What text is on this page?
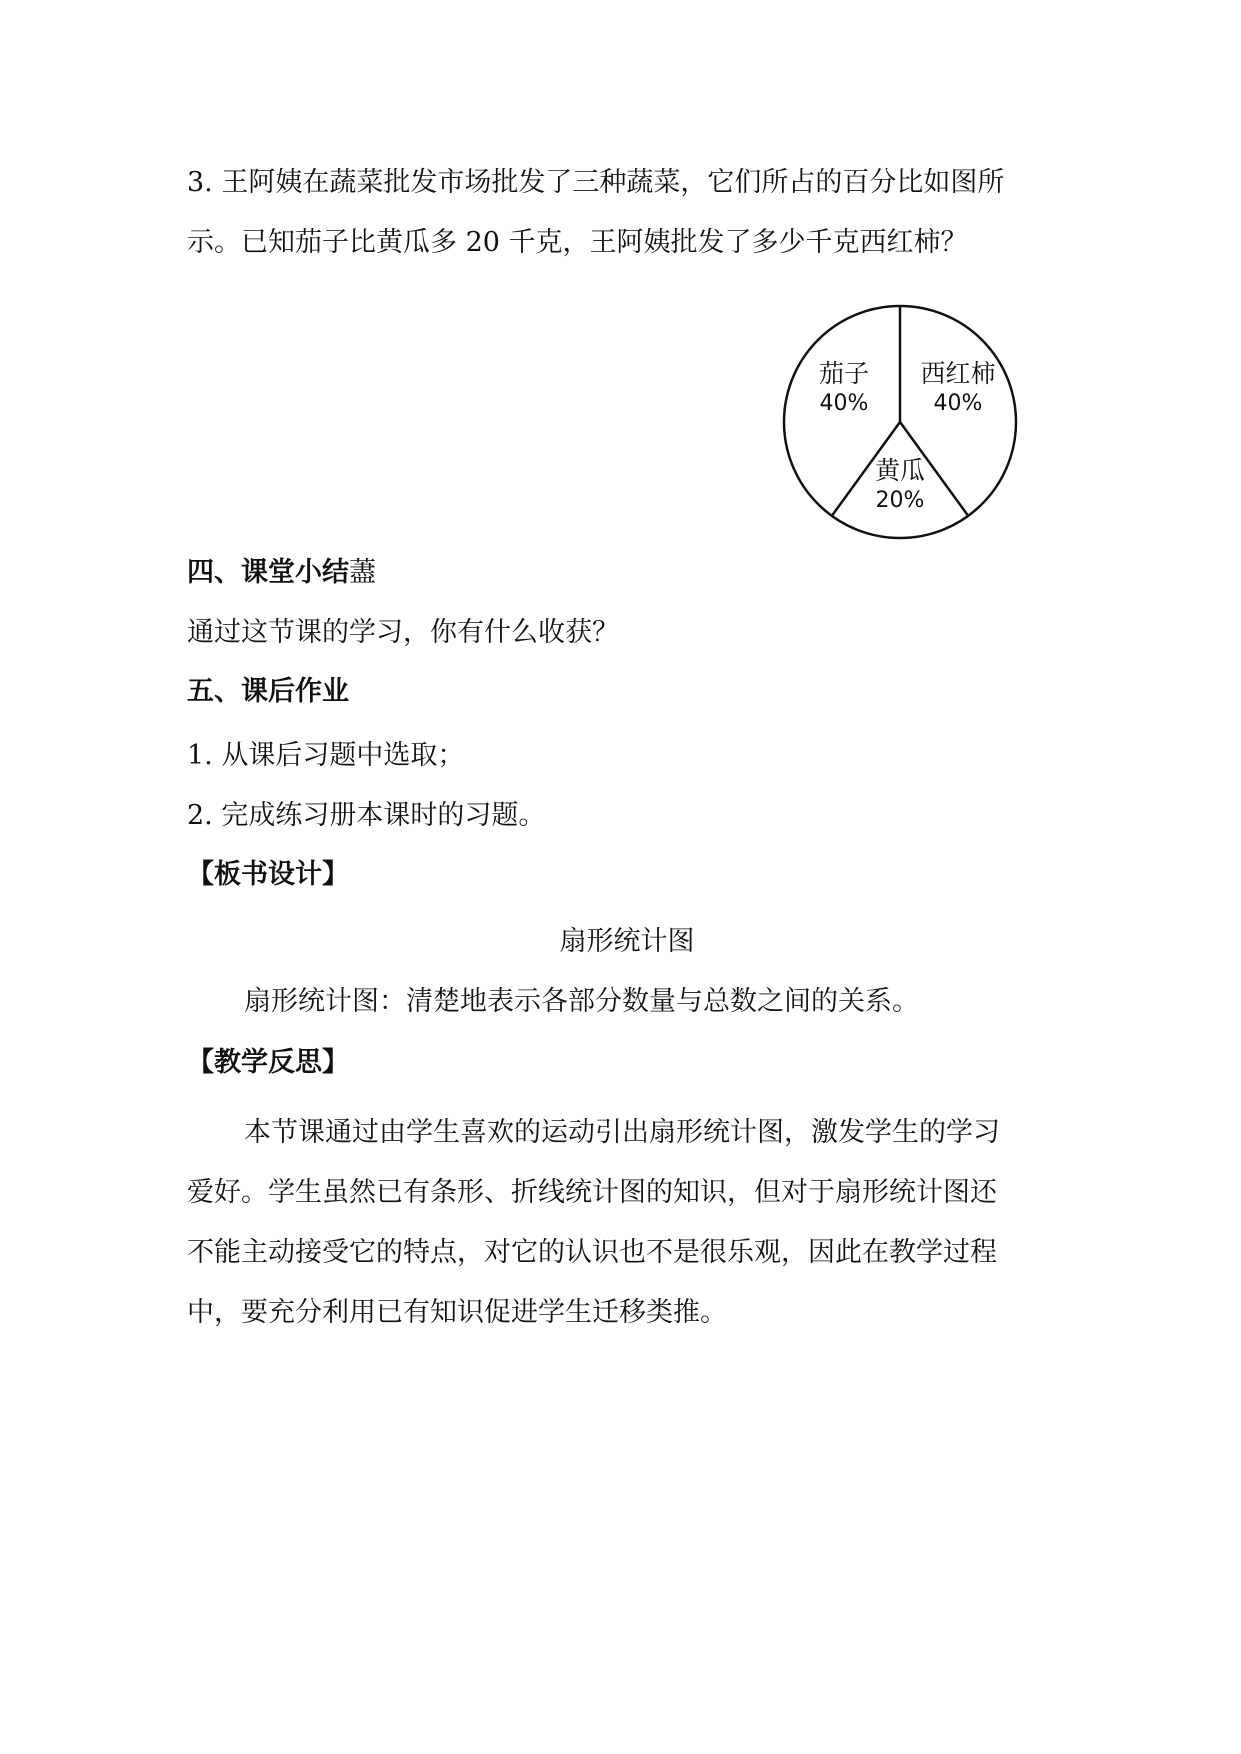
3. 王阿姨在蔬菜批发市场批发了三种蔬菜，它们所占的百分比如图所
示。已知茄子比黄瓜多 20 千克，王阿姨批发了多少千克西红柿？
茄子
40%
西红柿
40%
黄瓜
20%
四、课堂小结藎
通过这节课的学习，你有什么收获？
五、课后作业
1. 从课后习题中选取；
2. 完成练习册本课时的习题。
【板书设计】
扇形统计图
扇形统计图：清楚地表示各部分数量与总数之间的关系。
【教学反思】
本节课通过由学生喜欢的运动引出扇形统计图，激发学生的学习
爱好。学生虽然已有条形、折线统计图的知识，但对于扇形统计图还
不能主动接受它的特点，对它的认识也不是很乐观，因此在教学过程
中，要充分利用已有知识促进学生迁移类推。
